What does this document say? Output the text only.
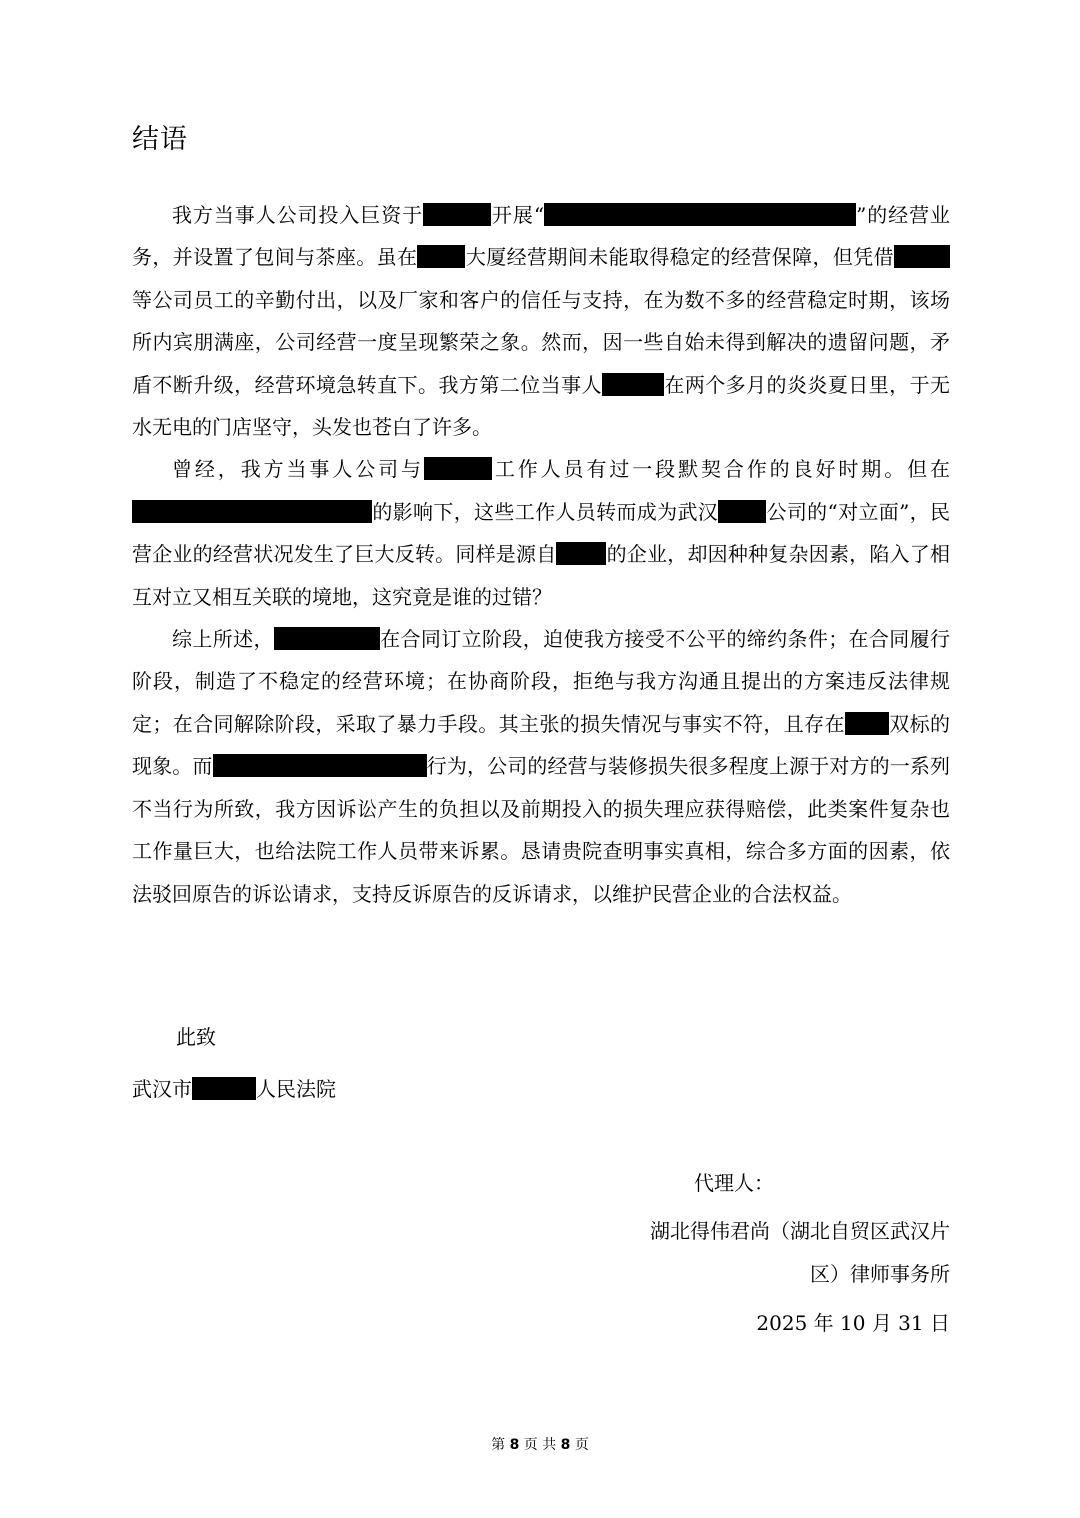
结语

我方当事人公司投入巨资于	开展“	”的经营业务，并设置了包间与茶座。虽在 大厦经营期间未能取得稳定的经营保障，但凭借等公司员工的辛勤付出，以及厂家和客户的信任与支持，在为数不多的经营稳定时期，该场所内宾朋满座，公司经营一度呈现繁荣之象。然而，因一些自始未得到解决的遗留问题，矛盾不断升级，经营环境急转直下。我方第二位当事人	在两个多月的炎炎夏日里，于无水无电的门店坚守，头发也苍白了许多。

曾经，我方当事人公司与	工作人员有过一段默契合作的良好时期。但在的影响下，这些工作人员转而成为武汉 公司的“对立面”，民营企业的经营状况发生了巨大反转。同样是源自	的企业，却因种种复杂因素，陷入了相互对立又相互关联的境地，这究竟是谁的过错？

综上所述，	在合同订立阶段，迫使我方接受不公平的缔约条件；在合同履行阶段，制造了不稳定的经营环境；在协商阶段，拒绝与我方沟通且提出的方案违反法律规定；在合同解除阶段，采取了暴力手段。其主张的损失情况与事实不符，且存在 双标的现象。而	行为，公司的经营与装修损失很多程度上源于对方的一系列不当行为所致，我方因诉讼产生的负担以及前期投入的损失理应获得赔偿，此类案件复杂也工作量巨大，也给法院工作人员带来诉累。恳请贵院查明事实真相，综合多方面的因素，依法驳回原告的诉讼请求，支持反诉原告的反诉请求，以维护民营企业的合法权益。

此致

武汉市	人民法院

代理人：

湖北得伟君尚（湖北自贸区武汉片

区）律师事务所

2025 年 10 月 31 日

第 8 页 共 8 页
